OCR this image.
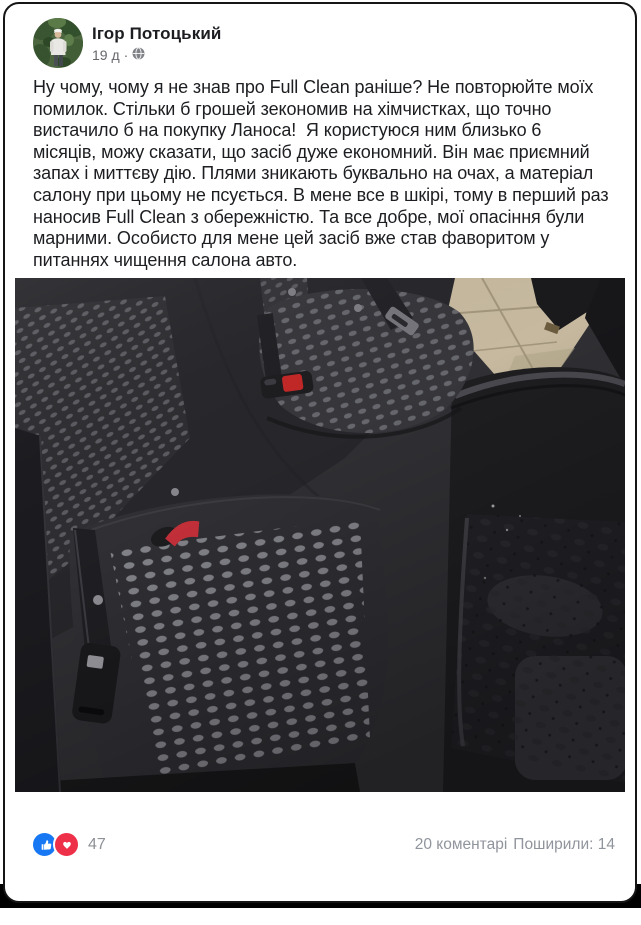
Ігор Потоцький
19 д ·
Ну чому, чому я не знав про Full Clean раніше? Не повторюйте моїх помилок. Стільки б грошей зекономив на хімчистках, що точно вистачило б на покупку Ланоса!  Я користуюся ним близько 6 місяців, можу сказати, що засіб дуже економний. Він має приємний запах і миттєву дію. Плями зникають буквально на очах, а матеріал салону при цьому не псується. В мене все в шкірі, тому в перший раз наносив Full Clean з обережністю. Та все добре, мої опасіння були марними. Особисто для мене цей засіб вже став фаворитом у питаннях чищення салона авто.
47	20 коментарі Поширили: 14
